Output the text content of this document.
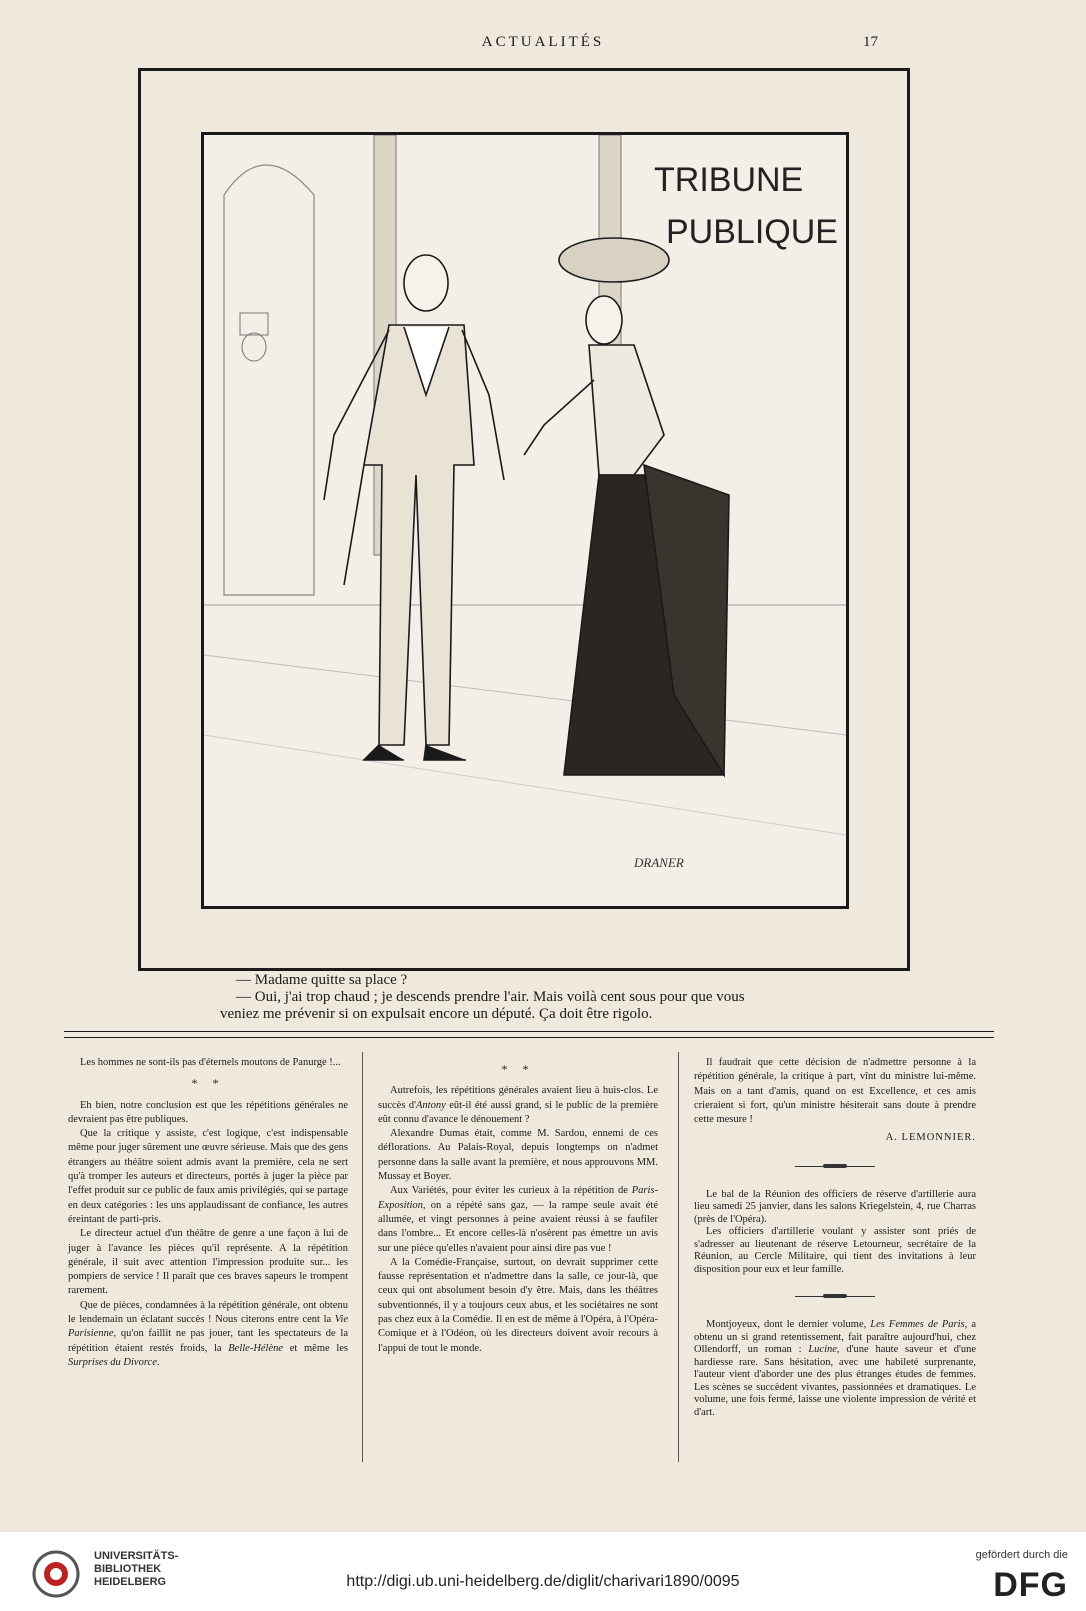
ACTUALITÉS	17
TRIBUNE
PUBLIQUE
DRANER

— Madame quitte sa place ?

— Oui, j'ai trop chaud ; je descends prendre l'air. Mais voilà cent sous pour que vous

veniez me prévenir si on expulsait encore un député. Ça doit être rigolo.

Les hommes ne sont-ils pas d'éternels moutons de Panurge !...

* *

Eh bien, notre conclusion est que les répétitions générales ne devraient pas être publiques.

Que la critique y assiste, c'est logique, c'est indispensable même pour juger sûrement une œuvre sérieuse. Mais que des gens étrangers au théâtre soient admis avant la première, cela ne sert qu'à tromper les auteurs et directeurs, portés à juger la pièce par l'effet produit sur ce public de faux amis privilégiés, qui se partage en deux catégories : les uns applaudissant de confiance, les autres éreintant de parti-pris.

Le directeur actuel d'un théâtre de genre a une façon à lui de juger à l'avance les pièces qu'il représente. A la répétition générale, il suit avec attention l'impression produite sur... les pompiers de service ! Il paraît que ces braves sapeurs le trompent rarement.

Que de pièces, condamnées à la répétition générale, ont obtenu le lendemain un éclatant succès ! Nous citerons entre cent la Vie Parisienne, qu'on faillit ne pas jouer, tant les spectateurs de la répétition étaient restés froids, la Belle-Hélène et même les Surprises du Divorce.

* *

Autrefois, les répétitions générales avaient lieu à huis-clos. Le succès d'Antony eût-il été aussi grand, si le public de la première eût connu d'avance le dénouement ?

Alexandre Dumas était, comme M. Sardou, ennemi de ces déflorations. Au Palais-Royal, depuis longtemps on n'admet personne dans la salle avant la première, et nous approuvons MM. Mussay et Boyer.

Aux Variétés, pour éviter les curieux à la répétition de Paris-Exposition, on a répété sans gaz, — la rampe seule avait été allumée, et vingt personnes à peine avaient réussi à se faufiler dans l'ombre... Et encore celles-là n'osèrent pas émettre un avis sur une pièce qu'elles n'avaient pour ainsi dire pas vue !

A la Comédie-Française, surtout, on devrait supprimer cette fausse représentation et n'admettre dans la salle, ce jour-là, que ceux qui ont absolument besoin d'y être. Mais, dans les théâtres subventionnés, il y a toujours ceux abus, et les sociétaires ne sont pas chez eux à la Comédie. Il en est de même à l'Opéra, à l'Opéra-Comique et à l'Odéon, où les directeurs doivent avoir recours à l'appui de tout le monde.

Il faudrait que cette décision de n'admettre personne à la répétition générale, la critique à part, vînt du ministre lui-même. Mais on a tant d'amis, quand on est Excellence, et ces amis crieraient si fort, qu'un ministre hésiterait sans doute à prendre cette mesure !

A. LEMONNIER.

Le bal de la Réunion des officiers de réserve d'artillerie aura lieu samedi 25 janvier, dans les salons Kriegelstein, 4, rue Charras (près de l'Opéra).

Les officiers d'artillerie voulant y assister sont priés de s'adresser au lieutenant de réserve Letourneur, secrétaire de la Réunion, au Cercle Militaire, qui tient des invitations à leur disposition pour eux et leur famille.

Montjoyeux, dont le dernier volume, Les Femmes de Paris, a obtenu un si grand retentissement, fait paraître aujourd'hui, chez Ollendorff, un roman : Lucine, d'une haute saveur et d'une hardiesse rare. Sans hésitation, avec une habileté surprenante, l'auteur vient d'aborder une des plus étranges études de femmes. Les scènes se succèdent vivantes, passionnées et dramatiques. Le volume, une fois fermé, laisse une violente impression de vérité et d'art.

UNIVERSITÄTS-
BIBLIOTHEK
HEIDELBERG	http://digi.ub.uni-heidelberg.de/diglit/charivari1890/0095
gefördert durch die
DFG
